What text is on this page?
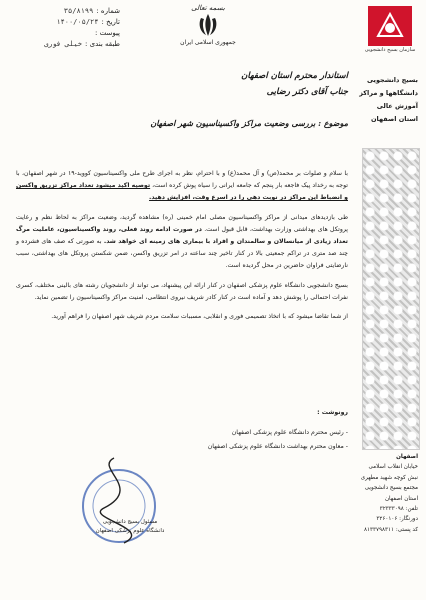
شماره :
۳۵/۸۱۹۹
تاریخ :
۱۴۰۰/۰۵/۲۴
پیوست :
طبقه بندی :
خیلی فوری
بسمه تعالی
جمهوری اسلامی ایران
سازمان بسیج دانشجویی
بسیج دانشجویی
دانشگاهها و مراکز
آموزش عالی
استان اصفهان
استاندار محترم استان اصفهان
جناب آقای دکتر رضایی
موضوع : بررسی وضعیت مراکز واکسیناسیون شهر اصفهان

با سلام و صلوات بر محمد(ص) و آل محمد(ع) و با احترام، نظر به اجرای طرح ملی واکسیناسیون کووید-۱۹ در شهر اصفهان، با توجه به رخداد پیک فاجعه بار پنجم که جامعه ایرانی را سیاه پوش کرده است، توصیه اکید میشود تعداد مراکز تزریق واکسن و انضباط این مراکز در نوبت دهی را در اسرع وقت، افزایش دهید.

طی بازدیدهای میدانی از مراکز واکسیناسیون مصلی امام خمینی (ره) مشاهده گردید، وضعیت مراکز به لحاظ نظم و رعایت پروتکل های بهداشتی وزارت بهداشت، قابل قبول است. در صورت ادامه روند فعلی، روند واکسیناسیون، عاملیت مرگ تعداد زیادی از میانسالان و سالمندان و افراد با بیماری های زمینه ای خواهد شد. به صورتی که صف های فشرده و چند صد متری در تراکم جمعیتی بالا در کنار تاخیر چند ساعته در امر تزریق واکسن، ضمن شکستن پروتکل های بهداشتی، سبب نارضایتی فراوان حاضرین در محل گردیده است.

بسیج دانشجویی دانشگاه علوم پزشکی اصفهان در کنار ارائه این پیشنهاد، می تواند از دانشجویان رشته های بالینی مختلف، کسری نفرات احتمالی را پوشش دهد و آماده است در کنار کادر شریف نیروی انتظامی، امنیت مراکز واکسیناسیون را تضمین نماید.

از شما تقاضا میشود که با اتخاذ تصمیمی فوری و انقلابی، مسببات سلامت مردم شریف شهر اصفهان را فراهم آورید.

رونوشت :
- رئیس محترم دانشگاه علوم پزشکی اصفهان
- معاون محترم بهداشت دانشگاه علوم پزشکی اصفهان
مسئول بسیج دانشجویی
دانشگاه علوم پزشکی اصفهان
اصفهان
خیابان انقلاب اسلامی
نبش کوچه شهید مطهری
مجتمع بسیج دانشجویی
استان اصفهان
تلفن: ۳۲۳۳۳۰۹۸
دورنگار: ۳۲۶۰۱۰۶
کد پستی: ۸۱۳۳۷۹۸۳۱۱
